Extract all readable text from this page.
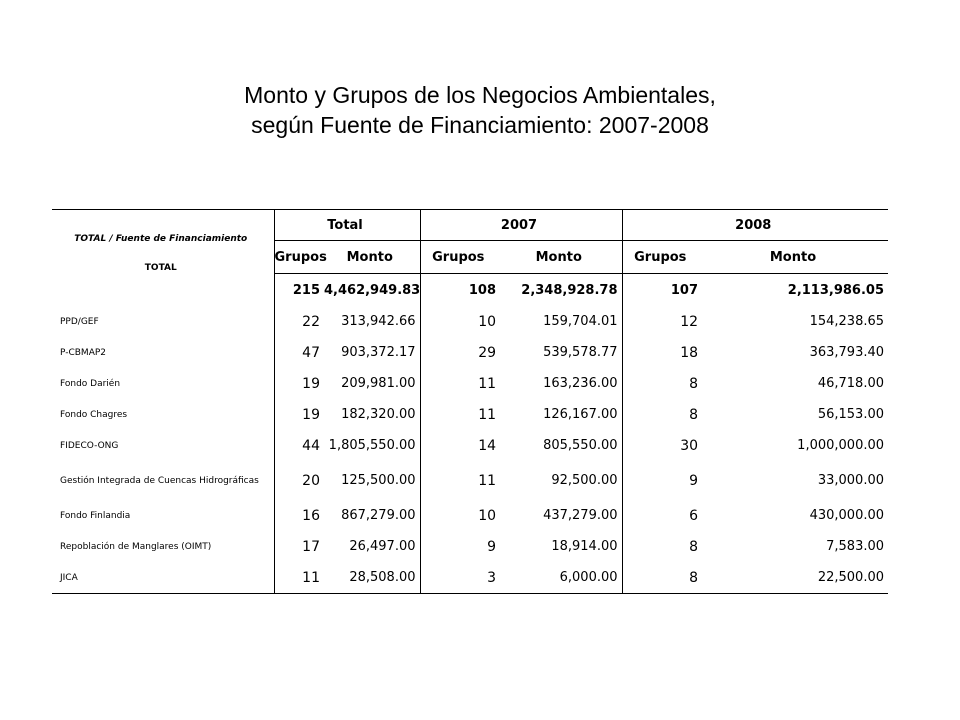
Monto y Grupos de los Negocios Ambientales,
según Fuente de Financiamiento: 2007-2008
TOTAL / Fuente de Financiamiento
TOTAL	Total		2007		2008	
	Grupos	Monto	Grupos	Monto	Grupos	Monto
	215	4,462,949.83	108	2,348,928.78	107	2,113,986.05
PPD/GEF	22	313,942.66	10	159,704.01	12	154,238.65
P-CBMAP2	47	903,372.17	29	539,578.77	18	363,793.40
Fondo Darién	19	209,981.00	11	163,236.00	8	46,718.00
Fondo Chagres	19	182,320.00	11	126,167.00	8	56,153.00
FIDECO-ONG	44	1,805,550.00	14	805,550.00	30	1,000,000.00
Gestión Integrada de Cuencas Hidrográficas	20	125,500.00	11	92,500.00	9	33,000.00
Fondo Finlandia	16	867,279.00	10	437,279.00	6	430,000.00
Repoblación de Manglares (OIMT)	17	26,497.00	9	18,914.00	8	7,583.00
JICA	11	28,508.00	3	6,000.00	8	22,500.00
